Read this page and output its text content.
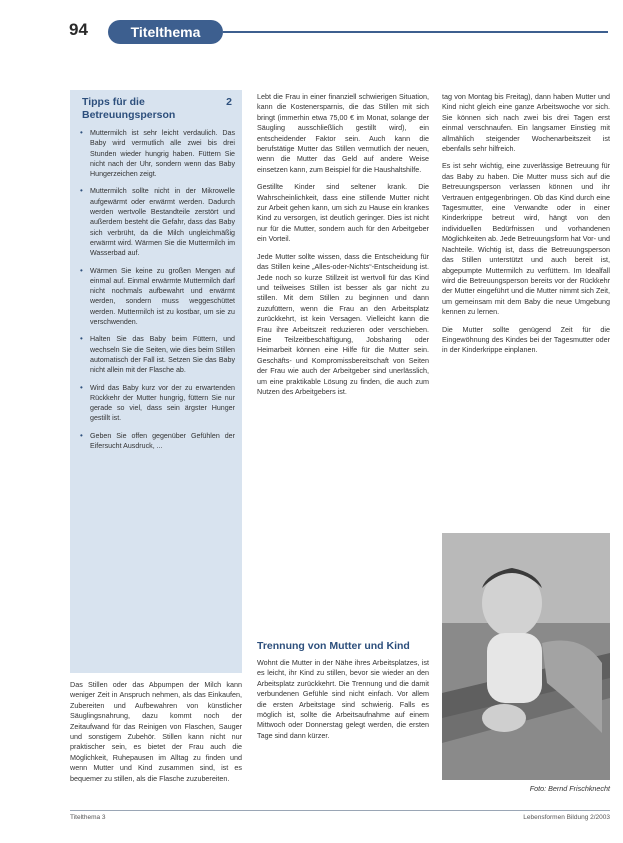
94	Titelthema
Tipps für die Betreuungsperson
2
• Muttermilch ist sehr leicht verdaulich. Das Baby wird vermutlich alle zwei bis drei Stunden wieder hungrig haben. Füttern Sie nicht nach der Uhr, sondern wenn das Baby Hungerzeichen zeigt.
• Muttermilch sollte nicht in der Mikrowelle aufgewärmt oder erwärmt werden. Dadurch werden wertvolle Bestandteile zerstört und außerdem besteht die Gefahr, dass das Baby sich verbrüht, da die Milch ungleichmäßig erwärmt wird. Wärmen Sie die Muttermilch im Wasserbad auf.
• Wärmen Sie keine zu großen Mengen auf einmal auf. Einmal erwärmte Muttermilch darf nicht nochmals aufbewahrt und erwärmt werden, sondern muss weggeschüttet werden. Muttermilch ist zu kostbar, um sie zu verschwenden.
• Halten Sie das Baby beim Füttern, und wechseln Sie die Seiten, wie dies beim Stillen automatisch der Fall ist. Setzen Sie das Baby nicht allein mit der Flasche ab.
• Wird das Baby kurz vor der zu erwartenden Rückkehr der Mutter hungrig, füttern Sie nur gerade so viel, dass sein ärgster Hunger gestillt ist.
• Geben Sie offen gegenüber Gefühlen der Eifersucht Ausdruck, ...

Das Stillen oder das Abpumpen der Milch kann weniger Zeit in Anspruch nehmen, als das Einkaufen, Zubereiten und Aufbewahren von künstlicher Säuglingsnahrung, dazu kommt noch der Zeitaufwand für das Reinigen von Flaschen, Sauger und sonstigem Zubehör. Stillen kann nicht nur praktischer sein, es bietet der Frau auch die Möglichkeit, Ruhepausen im Alltag zu finden und wenn Mutter und Kind zusammen sind, ist es bequemer zu stillen, als die Flasche zuzubereiten.

Lebt die Frau in einer finanziell schwierigen Situation, kann die Kostenersparnis, die das Stillen mit sich bringt (immerhin etwa 75,00 € im Monat, solange der Säugling ausschließlich gestillt wird), ein entscheidender Faktor sein. Auch kann die berufstätige Mutter das Stillen vermutlich der neuen, wenn die Mutter das Geld auf andere Weise einsetzen kann, zum Beispiel für die Haushaltshilfe.

Gestillte Kinder sind seltener krank. Die Wahrscheinlichkeit, dass eine stillende Mutter nicht zur Arbeit gehen kann, um sich zu Hause ein krankes Kind zu versorgen, ist deutlich geringer. Dies ist nicht nur für die Mutter, sondern auch für den Arbeitgeber ein Vorteil.

Jede Mutter sollte wissen, dass die Entscheidung für das Stillen keine „Alles-oder-Nichts“-Entscheidung ist. Jede noch so kurze Stillzeit ist wertvoll für das Kind und teilweises Stillen ist besser als gar nicht zu stillen. Mit dem Stillen zu beginnen und dann zuzufüttern, wenn die Frau an den Arbeitsplatz zurückkehrt, ist kein Versagen. Vielleicht kann die Frau ihre Arbeitszeit reduzieren oder verschieben. Eine Teilzeitbeschäftigung, Jobsharing oder Heimarbeit können eine Hilfe für die Mutter sein. Geschäfts- und Kompromissbereitschaft von Seiten der Frau wie auch der Arbeitgeber sind unerlässlich, um eine praktikable Lösung zu finden, die auch zum Nutzen des Arbeitgebers ist.

Trennung von Mutter und Kind

Wohnt die Mutter in der Nähe ihres Arbeitsplatzes, ist es leicht, ihr Kind zu stillen, bevor sie wieder an den Arbeitsplatz zurückkehrt. Die Trennung und die damit verbundenen Gefühle sind nicht einfach. Vor allem die ersten Arbeitstage sind schwierig. Falls es möglich ist, sollte die Arbeitsaufnahme auf einem Mittwoch oder Donnerstag gelegt werden, die ersten Tage sind dann kürzer.

tag von Montag bis Freitag), dann haben Mutter und Kind nicht gleich eine ganze Arbeitswoche vor sich. Sie können sich nach zwei bis drei Tagen erst einmal verschnaufen. Ein langsamer Einstieg mit allmählich steigender Wochenarbeitszeit ist ebenfalls sehr hilfreich.

Es ist sehr wichtig, eine zuverlässige Betreuung für das Baby zu haben. Die Mutter muss sich auf die Betreuungsperson verlassen können und ihr Vertrauen entgegenbringen. Ob das Kind durch eine Tagesmutter, eine Verwandte oder in einer Kinderkrippe betreut wird, hängt von den individuellen Bedürfnissen und vorhandenen Möglichkeiten ab. Jede Betreuungsform hat Vor- und Nachteile. Wichtig ist, dass die Betreuungsperson das Stillen unterstützt und auch bereit ist, abgepumpte Muttermilch zu verfüttern. Im Idealfall wird die Betreuungsperson bereits vor der Rückkehr der Mutter eingeführt und die Mutter nimmt sich Zeit, um gemeinsam mit dem Baby die neue Umgebung kennen zu lernen.

Die Mutter sollte genügend Zeit für die Eingewöhnung des Kindes bei der Tagesmutter oder in der Kinderkrippe einplanen.

Foto: Bernd Frischknecht
Titelthema 3	Lebensformen Bildung 2/2003
